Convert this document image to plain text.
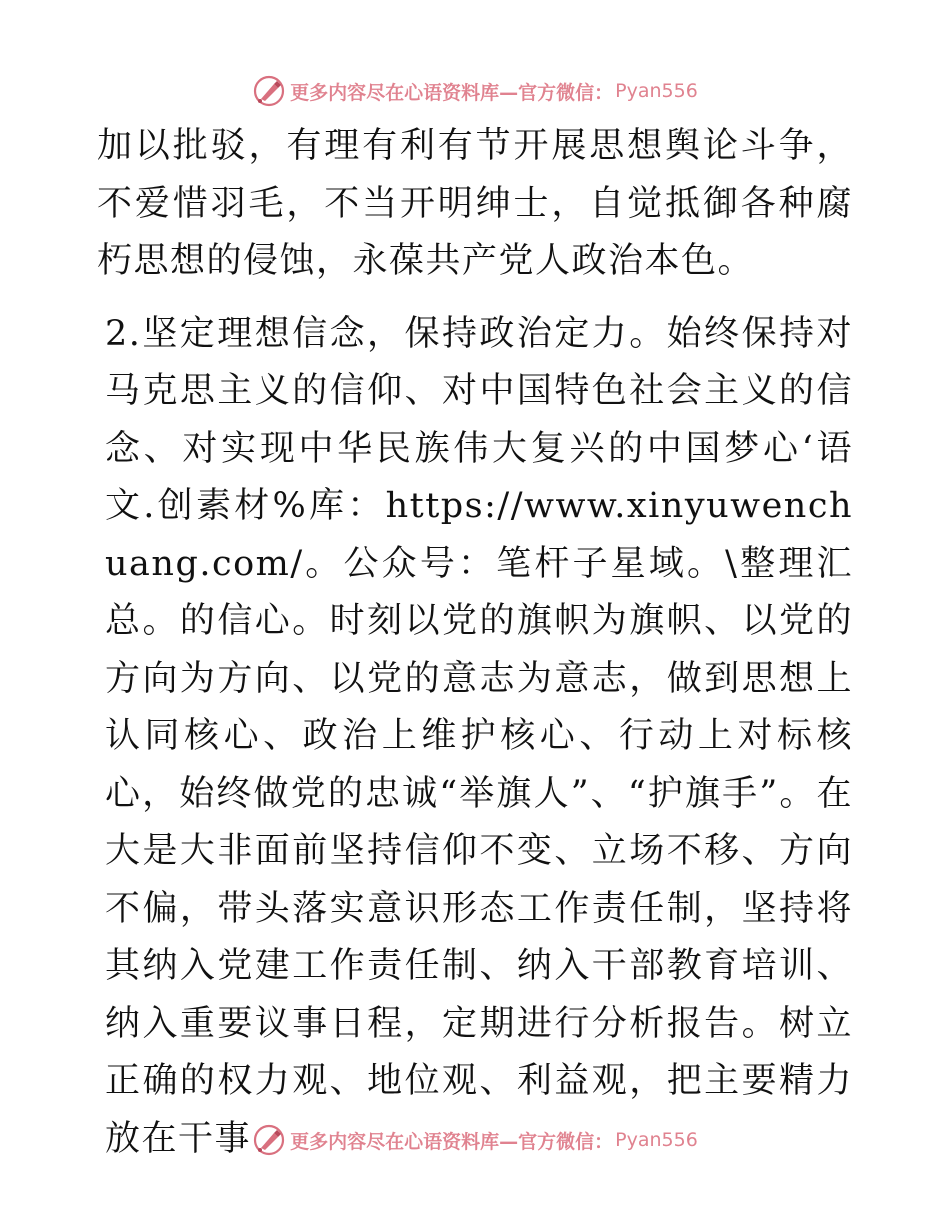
更多内容尽在心语资料库—官方微信： Pyan556

加以批驳，有理有利有节开展思想舆论斗争，不爱惜羽毛，不当开明绅士，自觉抵御各种腐朽思想的侵蚀，永葆共产党人政治本色。

2.坚定理想信念，保持政治定力。始终保持对马克思主义的信仰、对中国特色社会主义的信念、对实现中华民族伟大复兴的中国梦心‘语文.创素材%库：https://www.xinyuwenchuang.com/。公众号：笔杆子星域。\整理汇总。的信心。时刻以党的旗帜为旗帜、以党的方向为方向、以党的意志为意志，做到思想上认同核心、政治上维护核心、行动上对标核心，始终做党的忠诚“举旗人”、“护旗手”。在大是大非面前坚持信仰不变、立场不移、方向不偏，带头落实意识形态工作责任制，坚持将其纳入党建工作责任制、纳入干部教育培训、纳入重要议事日程，定期进行分析报告。树立正确的权力观、地位观、利益观，把主要精力放在干事	更多内容尽在心语资料库—官方微信： Pyan556
